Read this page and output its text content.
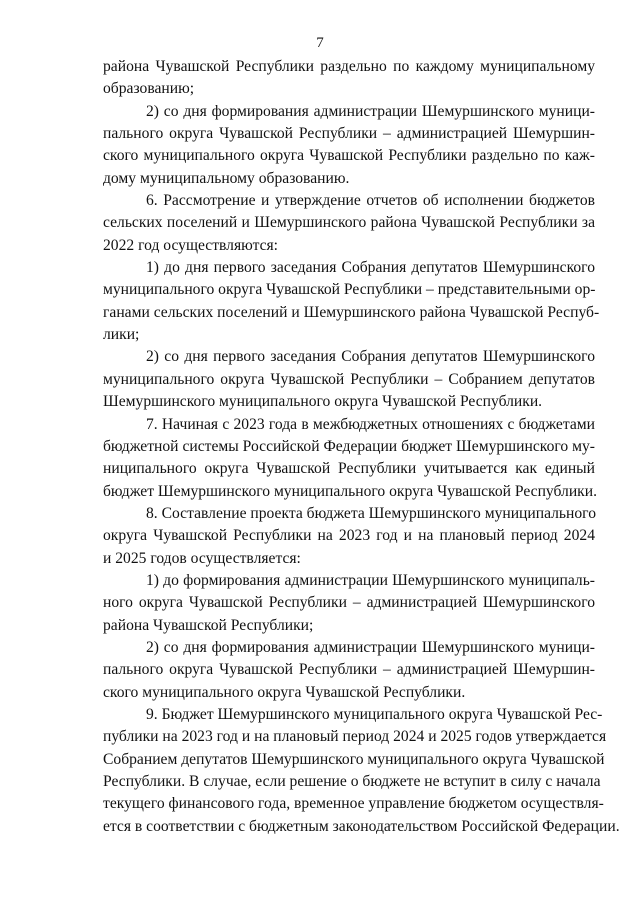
7
района Чувашской Республики раздельно по каждому муниципальному
образованию;
2) со дня формирования администрации Шемуршинского муници-
пального округа Чувашской Республики – администрацией Шемуршин-
ского муниципального округа Чувашской Республики раздельно по каж-
дому муниципальному образованию.
6. Рассмотрение и утверждение отчетов об исполнении бюджетов
сельских поселений и Шемуршинского района Чувашской Республики за
2022 год осуществляются:
1) до дня первого заседания Собрания депутатов Шемуршинского
муниципального округа Чувашской Республики – представительными ор-
ганами сельских поселений и Шемуршинского района Чувашской Респуб-
лики;
2) со дня первого заседания Собрания депутатов Шемуршинского
муниципального округа Чувашской Республики – Собранием депутатов
Шемуршинского муниципального округа Чувашской Республики.
7. Начиная с 2023 года в межбюджетных отношениях с бюджетами
бюджетной системы Российской Федерации бюджет Шемуршинского му-
ниципального округа Чувашской Республики учитывается как единый
бюджет Шемуршинского муниципального округа Чувашской Республики.
8. Составление проекта бюджета Шемуршинского муниципального
округа Чувашской Республики на 2023 год и на плановый период 2024
и 2025 годов осуществляется:
1) до формирования администрации Шемуршинского муниципаль-
ного округа Чувашской Республики – администрацией Шемуршинского
района Чувашской Республики;
2) со дня формирования администрации Шемуршинского муници-
пального округа Чувашской Республики – администрацией Шемуршин-
ского муниципального округа Чувашской Республики.
9. Бюджет Шемуршинского муниципального округа Чувашской Рес-
публики на 2023 год и на плановый период 2024 и 2025 годов утверждается
Собранием депутатов Шемуршинского муниципального округа Чувашской
Республики. В случае, если решение о бюджете не вступит в силу с начала
текущего финансового года, временное управление бюджетом осуществля-
ется в соответствии с бюджетным законодательством Российской Федерации.
